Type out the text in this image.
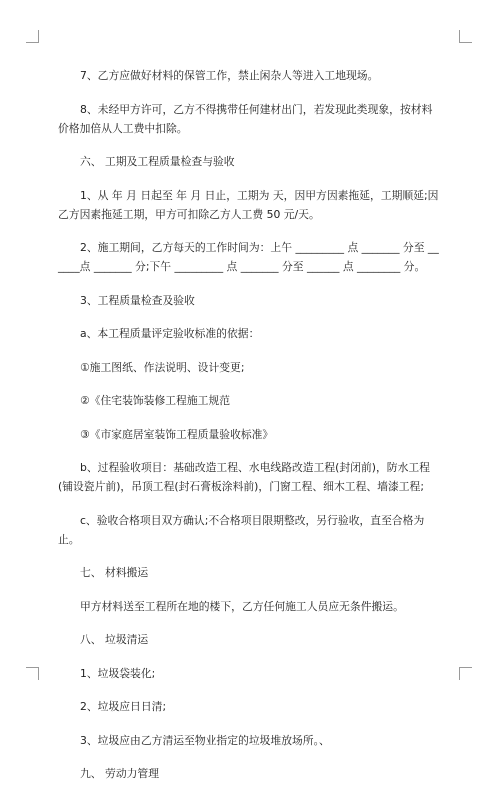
7、乙方应做好材料的保管工作，禁止闲杂人等进入工地现场。

8、未经甲方许可，乙方不得携带任何建材出门，若发现此类现象，按材料价格加倍从人工费中扣除。

六、 工期及工程质量检查与验收

1、从 年 月 日起至 年 月 日止，工期为 天，因甲方因素拖延，工期顺延;因乙方因素拖延工期，甲方可扣除乙方人工费 50 元/天。

2、施工期间，乙方每天的工作时间为：上午 _________ 点 _______ 分至 ______点 _______ 分;下午 _________ 点 _______ 分至 ______ 点 ________ 分。

3、工程质量检查及验收

a、本工程质量评定验收标准的依据：

①施工图纸、作法说明、设计变更;

②《住宅装饰装修工程施工规范

③《市家庭居室装饰工程质量验收标准》

b、过程验收项目：基础改造工程、水电线路改造工程(封闭前)，防水工程(铺设瓷片前)，吊顶工程(封石膏板涂料前)，门窗工程、细木工程、墙漆工程;

c、验收合格项目双方确认;不合格项目限期整改，另行验收，直至合格为止。

七、 材料搬运

甲方材料送至工程所在地的楼下，乙方任何施工人员应无条件搬运。

八、 垃圾清运

1、垃圾袋装化;

2、垃圾应日日清;

3、垃圾应由乙方清运至物业指定的垃圾堆放场所。、

九、 劳动力管理
